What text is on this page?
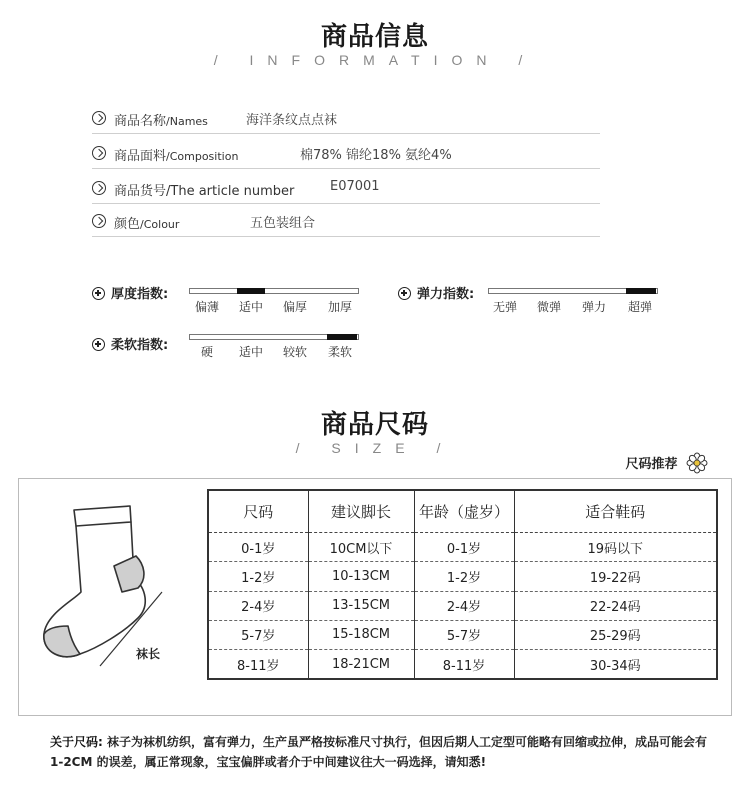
商品信息
/ INFORMATION /
商品名称/Names	海洋条纹点点袜
商品面料/Composition	棉78% 锦纶18% 氨纶4%
商品货号/The article number	E07001
颜色/Colour	五色装组合
厚度指数:
偏薄	适中	偏厚	加厚
弹力指数:
无弹	微弹	弹力	超弹
柔软指数:	硬	适中	较软	柔软
商品尺码
/ SIZE /
尺码推荐
袜长
尺码	建议脚长	年龄（虚岁）	适合鞋码
0-1岁	10CM以下	0-1岁	19码以下
1-2岁	10-13CM	1-2岁	19-22码
2-4岁	13-15CM	2-4岁	22-24码
5-7岁	15-18CM	5-7岁	25-29码
8-11岁	18-21CM	8-11岁	30-34码
关于尺码: 袜子为袜机纺织，富有弹力，生产虽严格按标准尺寸执行，但因后期人工定型可能略有回缩或拉伸，成品可能会有 1-2CM 的误差，属正常现象，宝宝偏胖或者介于中间建议往大一码选择，请知悉!
